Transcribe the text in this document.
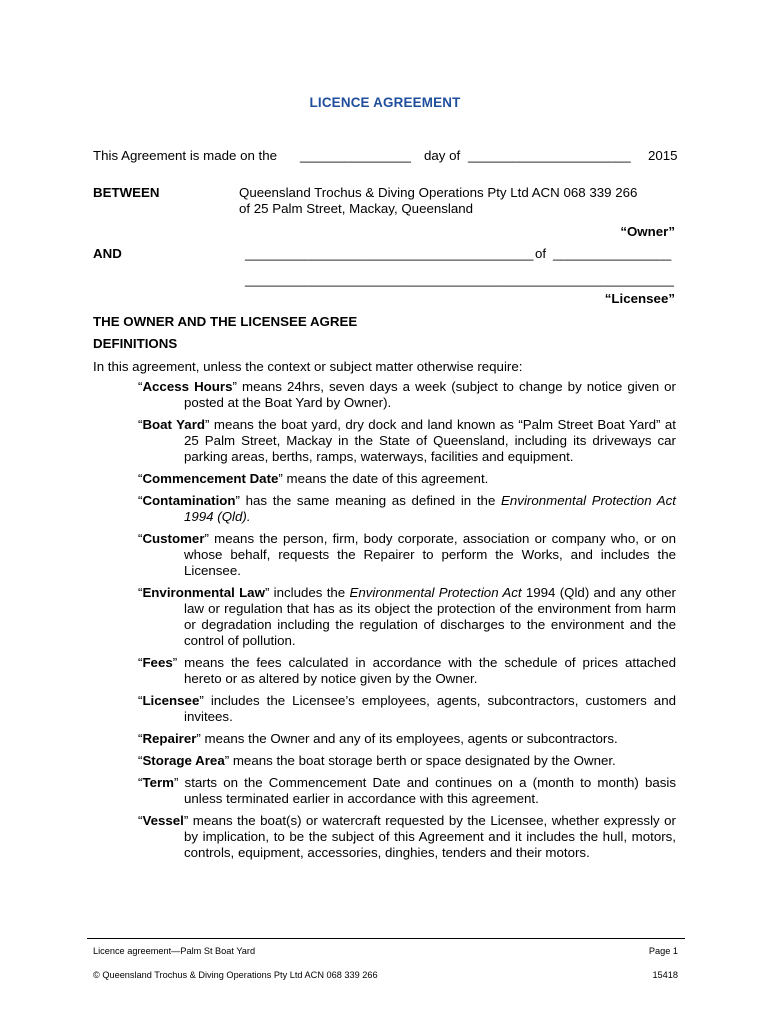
LICENCE AGREEMENT
This Agreement is made on the _______________ day of ______________________ 2015
BETWEEN	Queensland Trochus & Diving Operations Pty Ltd ACN 068 339 266
of 25 Palm Street, Mackay, Queensland
“Owner”
AND	_______________________________________ of ________________
__________________________________________________________
“Licensee”
THE OWNER AND THE LICENSEE AGREE
DEFINITIONS
In this agreement, unless the context or subject matter otherwise require:
“Access Hours” means 24hrs, seven days a week (subject to change by notice given or posted at the Boat Yard by Owner).
“Boat Yard” means the boat yard, dry dock and land known as “Palm Street Boat Yard” at 25 Palm Street, Mackay in the State of Queensland, including its driveways car parking areas, berths, ramps, waterways, facilities and equipment.
“Commencement Date” means the date of this agreement.
“Contamination” has the same meaning as defined in the Environmental Protection Act 1994 (Qld).
“Customer” means the person, firm, body corporate, association or company who, or on whose behalf, requests the Repairer to perform the Works, and includes the Licensee.
“Environmental Law” includes the Environmental Protection Act 1994 (Qld) and any other law or regulation that has as its object the protection of the environment from harm or degradation including the regulation of discharges to the environment and the control of pollution.
“Fees” means the fees calculated in accordance with the schedule of prices attached hereto or as altered by notice given by the Owner.
“Licensee” includes the Licensee’s employees, agents, subcontractors, customers and invitees.
“Repairer” means the Owner and any of its employees, agents or subcontractors.
“Storage Area” means the boat storage berth or space designated by the Owner.
“Term” starts on the Commencement Date and continues on a (month to month) basis unless terminated earlier in accordance with this agreement.
“Vessel” means the boat(s) or watercraft requested by the Licensee, whether expressly or by implication, to be the subject of this Agreement and it includes the hull, motors, controls, equipment, accessories, dinghies, tenders and their motors.
Licence agreement—Palm St Boat Yard	Page 1
© Queensland Trochus & Diving Operations Pty Ltd ACN 068 339 266	15418
